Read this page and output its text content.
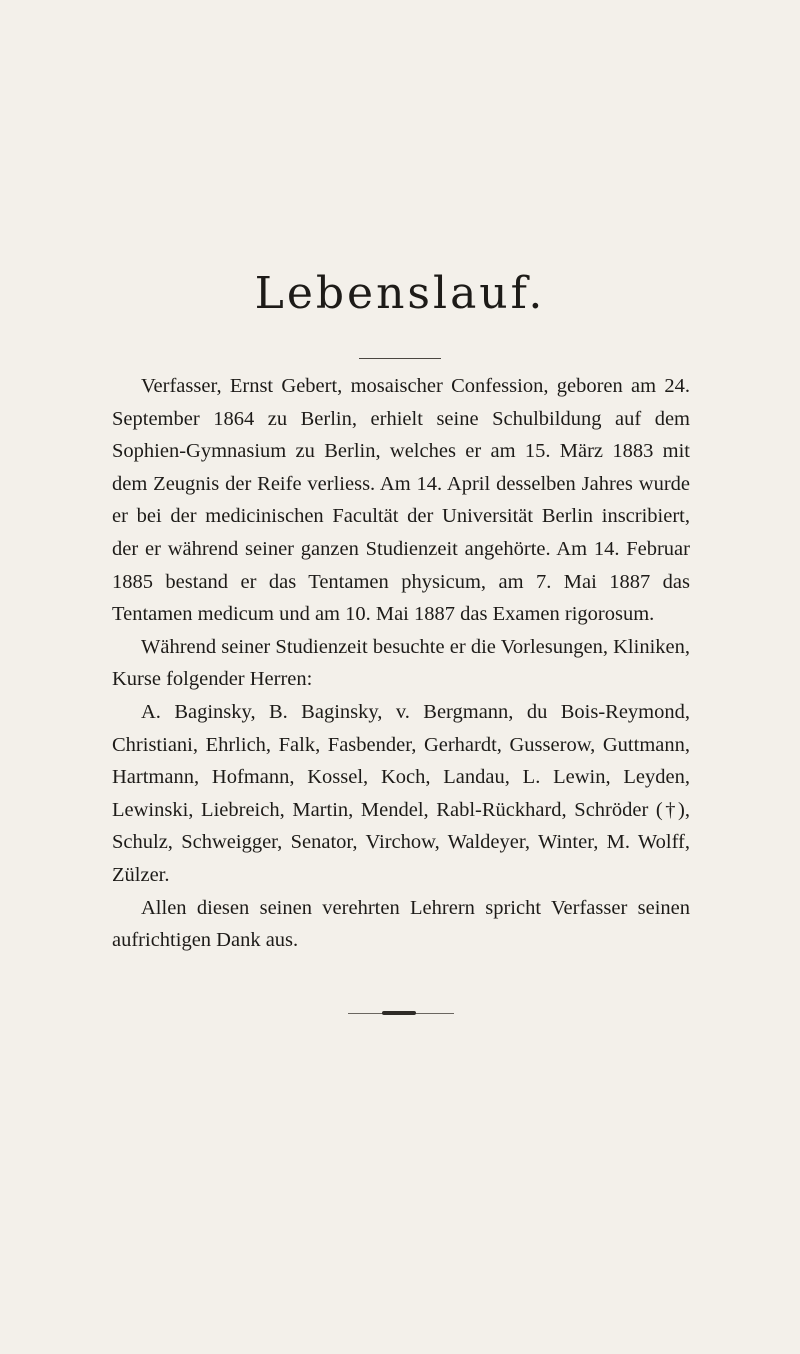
Lebenslauf.

Verfasser, Ernst Gebert, mosaischer Confession, geboren am 24. September 1864 zu Berlin, erhielt seine Schulbildung auf dem Sophien-Gymnasium zu Berlin, welches er am 15. März 1883 mit dem Zeugnis der Reife verliess. Am 14. April desselben Jahres wurde er bei der medicinischen Facultät der Universität Berlin inscribiert, der er während seiner ganzen Studienzeit angehörte. Am 14. Februar 1885 bestand er das Tentamen physicum, am 7. Mai 1887 das Tentamen medicum und am 10. Mai 1887 das Examen rigorosum.

Während seiner Studienzeit besuchte er die Vorlesungen, Kliniken, Kurse folgender Herren:

A. Baginsky, B. Baginsky, v. Bergmann, du Bois-Reymond, Christiani, Ehrlich, Falk, Fasbender, Gerhardt, Gusserow, Guttmann, Hartmann, Hofmann, Kossel, Koch, Landau, L. Lewin, Leyden, Lewinski, Liebreich, Martin, Mendel, Rabl-Rückhard, Schröder (†), Schulz, Schweigger, Senator, Virchow, Waldeyer, Winter, M. Wolff, Zülzer.

Allen diesen seinen verehrten Lehrern spricht Verfasser seinen aufrichtigen Dank aus.
